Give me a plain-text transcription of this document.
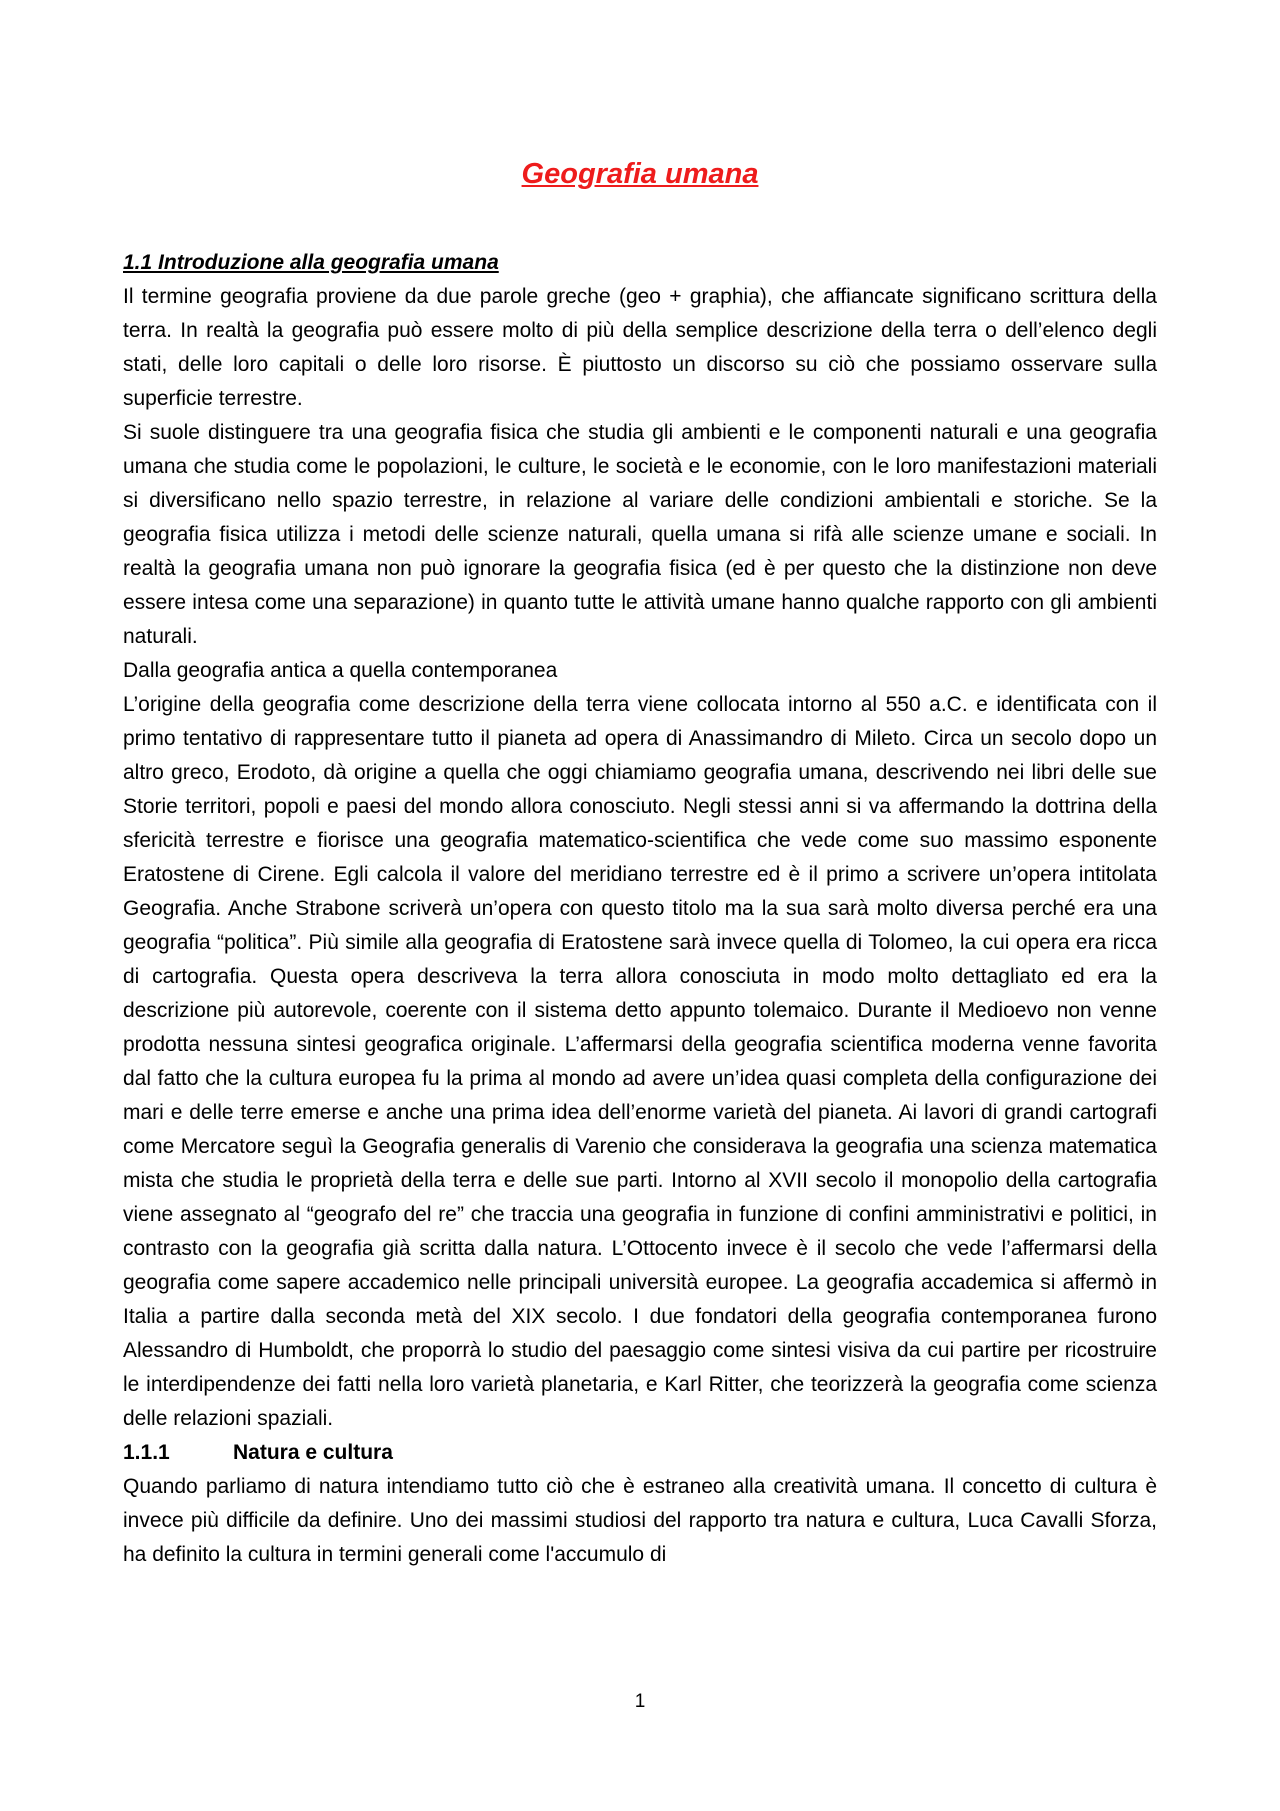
Geografia umana

1.1 Introduzione alla geografia umana

Il termine geografia proviene da due parole greche (geo + graphia), che affiancate significano scrittura della terra. In realtà la geografia può essere molto di più della semplice descrizione della terra o dell’elenco degli stati, delle loro capitali o delle loro risorse. È piuttosto un discorso su ciò che possiamo osservare sulla superficie terrestre.

Si suole distinguere tra una geografia fisica che studia gli ambienti e le componenti naturali e una geografia umana che studia come le popolazioni, le culture, le società e le economie, con le loro manifestazioni materiali si diversificano nello spazio terrestre, in relazione al variare delle condizioni ambientali e storiche. Se la geografia fisica utilizza i metodi delle scienze naturali, quella umana si rifà alle scienze umane e sociali. In realtà la geografia umana non può ignorare la geografia fisica (ed è per questo che la distinzione non deve essere intesa come una separazione) in quanto tutte le attività umane hanno qualche rapporto con gli ambienti naturali.

Dalla geografia antica a quella contemporanea

L’origine della geografia come descrizione della terra viene collocata intorno al 550 a.C. e identificata con il primo tentativo di rappresentare tutto il pianeta ad opera di Anassimandro di Mileto. Circa un secolo dopo un altro greco, Erodoto, dà origine a quella che oggi chiamiamo geografia umana, descrivendo nei libri delle sue Storie territori, popoli e paesi del mondo allora conosciuto. Negli stessi anni si va affermando la dottrina della sfericità terrestre e fiorisce una geografia matematico-scientifica che vede come suo massimo esponente Eratostene di Cirene. Egli calcola il valore del meridiano terrestre ed è il primo a scrivere un’opera intitolata Geografia. Anche Strabone scriverà un’opera con questo titolo ma la sua sarà molto diversa perché era una geografia “politica”. Più simile alla geografia di Eratostene sarà invece quella di Tolomeo, la cui opera era ricca di cartografia. Questa opera descriveva la terra allora conosciuta in modo molto dettagliato ed era la descrizione più autorevole, coerente con il sistema detto appunto tolemaico. Durante il Medioevo non venne prodotta nessuna sintesi geografica originale. L’affermarsi della geografia scientifica moderna venne favorita dal fatto che la cultura europea fu la prima al mondo ad avere un’idea quasi completa della configurazione dei mari e delle terre emerse e anche una prima idea dell’enorme varietà del pianeta. Ai lavori di grandi cartografi come Mercatore seguì la Geografia generalis di Varenio che considerava la geografia una scienza matematica mista che studia le proprietà della terra e delle sue parti. Intorno al XVII secolo il monopolio della cartografia viene assegnato al “geografo del re” che traccia una geografia in funzione di confini amministrativi e politici, in contrasto con la geografia già scritta dalla natura. L’Ottocento invece è il secolo che vede l’affermarsi della geografia come sapere accademico nelle principali università europee. La geografia accademica si affermò in Italia a partire dalla seconda metà del XIX secolo. I due fondatori della geografia contemporanea furono Alessandro di Humboldt, che proporrà lo studio del paesaggio come sintesi visiva da cui partire per ricostruire le interdipendenze dei fatti nella loro varietà planetaria, e Karl Ritter, che teorizzerà la geografia come scienza delle relazioni spaziali.

1.1.1	Natura e cultura

Quando parliamo di natura intendiamo tutto ciò che è estraneo alla creatività umana. Il concetto di cultura è invece più difficile da definire. Uno dei massimi studiosi del rapporto tra natura e cultura, Luca Cavalli Sforza, ha definito la cultura in termini generali come l'accumulo di

1
